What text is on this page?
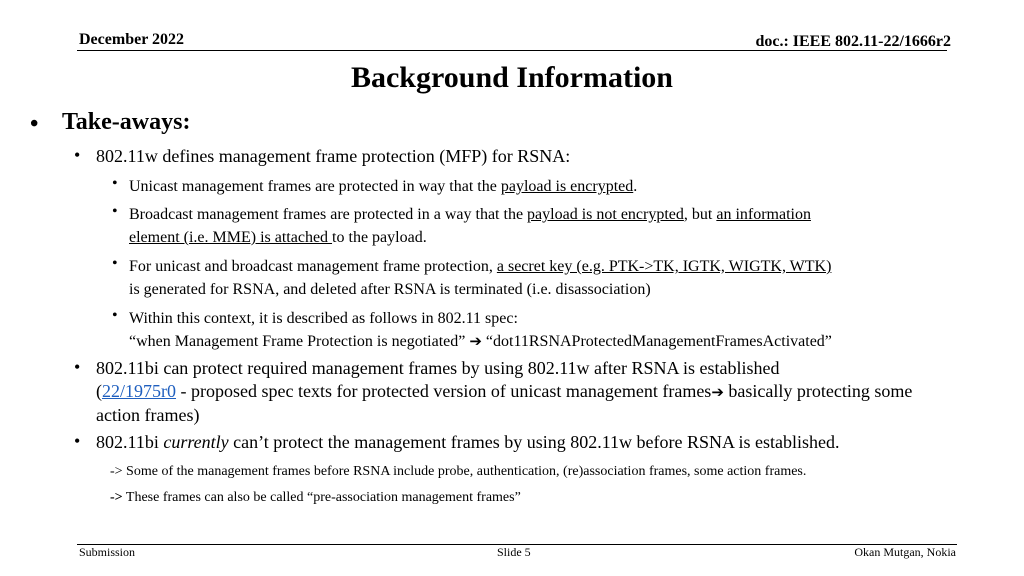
December 2022	doc.: IEEE 802.11-22/1666r2
Background Information
• Take-aways:
• 802.11w defines management frame protection (MFP) for RSNA:
• Unicast management frames are protected in way that the payload is encrypted.
• Broadcast management frames are protected in a way that the payload is not encrypted, but an information
element (i.e. MME) is attached to the payload.
• For unicast and broadcast management frame protection, a secret key (e.g. PTK->TK, IGTK, WIGTK, WTK)
is generated for RSNA, and deleted after RSNA is terminated (i.e. disassociation)
• Within this context, it is described as follows in 802.11 spec:
“when Management Frame Protection is negotiated” ➔ “dot11RSNAProtectedManagementFramesActivated”
• 802.11bi can protect required management frames by using 802.11w after RSNA is established
(22/1975r0 - proposed spec texts for protected version of unicast management frames➔ basically protecting some
action frames)
• 802.11bi currently can’t protect the management frames by using 802.11w before RSNA is established.
-> Some of the management frames before RSNA include probe, authentication, (re)association frames, some action frames.
-> These frames can also be called “pre-association management frames”
Submission	Slide 5	Okan Mutgan, Nokia
